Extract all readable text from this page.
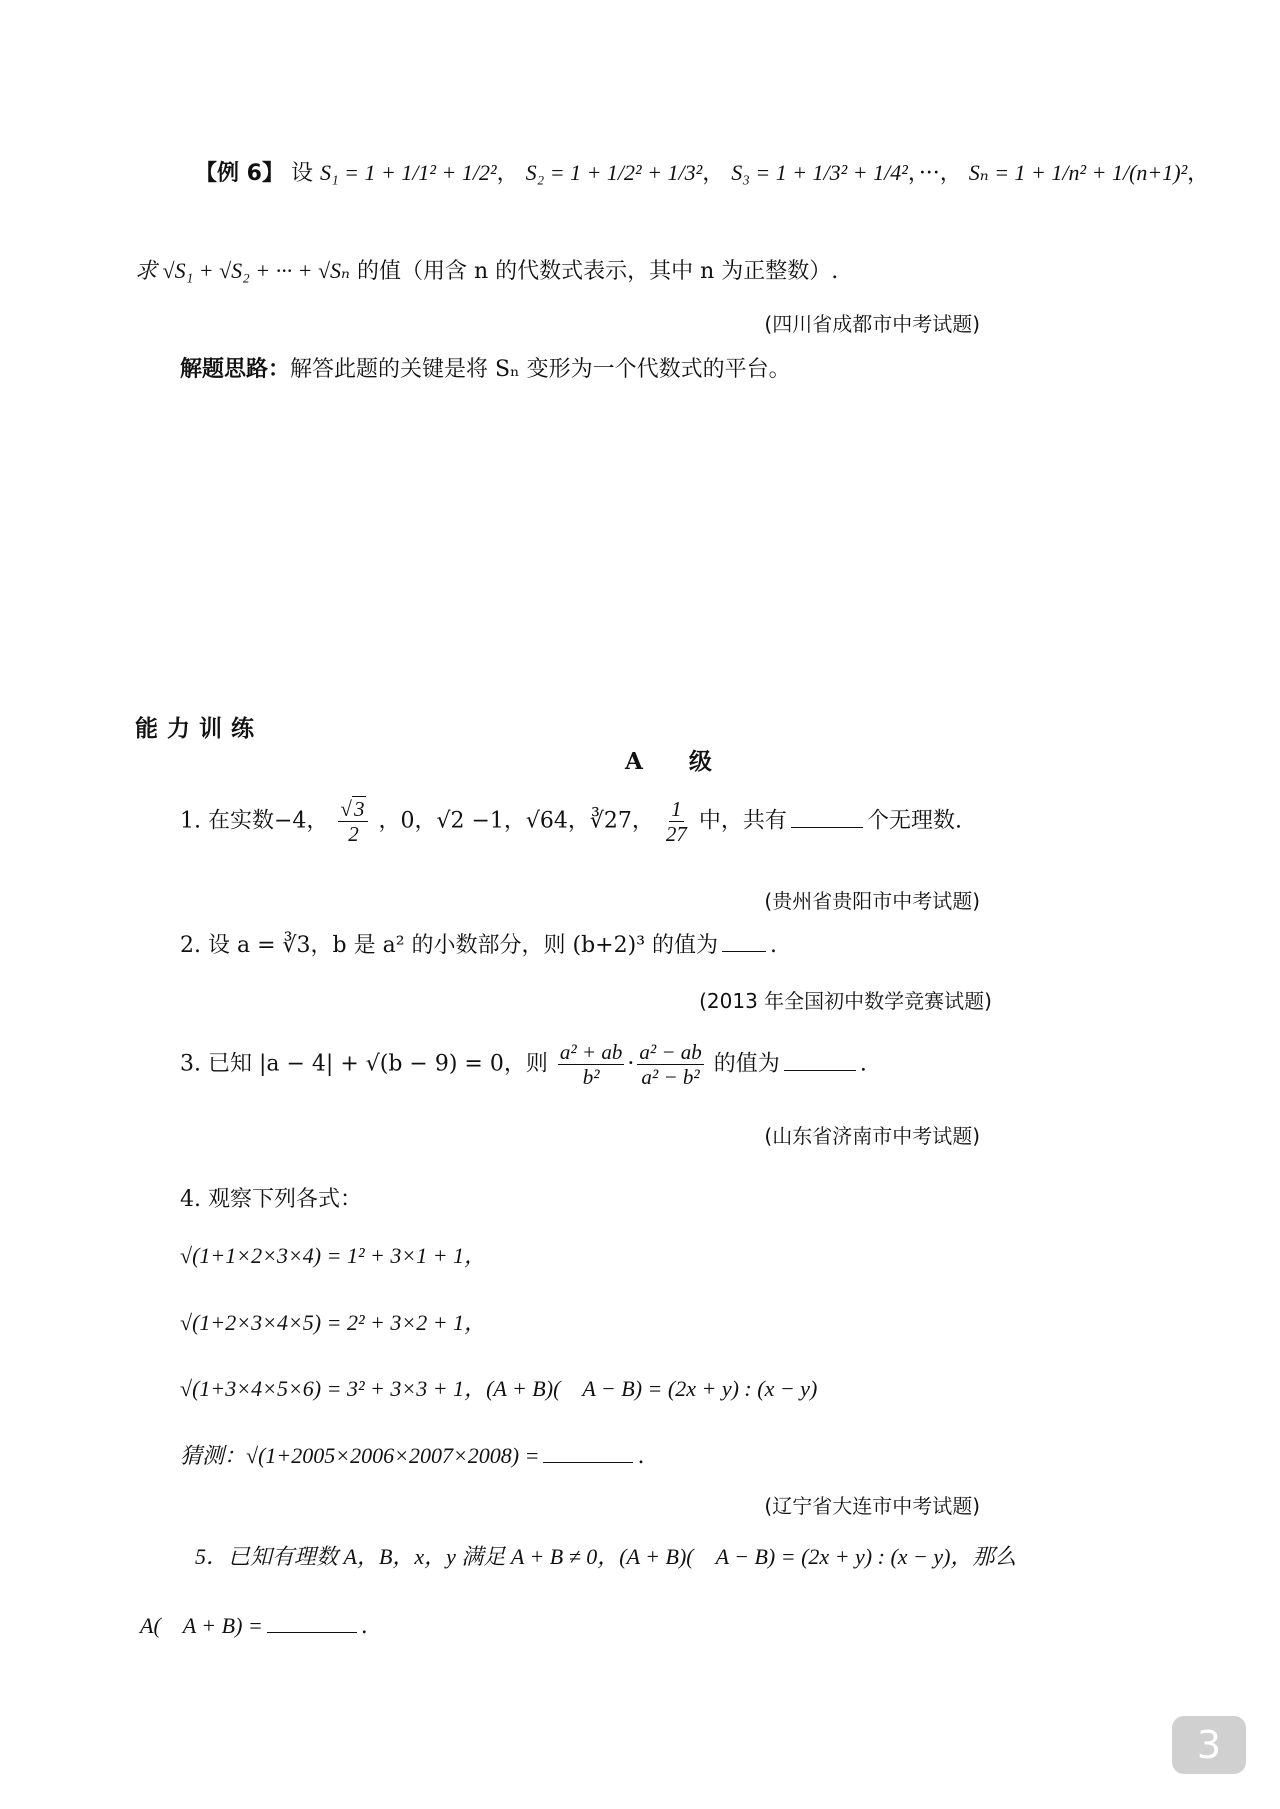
【例 6】 设 S₁ = 1 + 1/1² + 1/2²， S₂ = 1 + 1/2² + 1/3²， S₃ = 1 + 1/3² + 1/4²，···， Sₙ = 1 + 1/n² + 1/(n+1)²，
求 √S₁ + √S₂ + ··· + √Sₙ 的值（用含 n 的代数式表示，其中 n 为正整数）.
(四川省成都市中考试题)
解题思路：解答此题的关键是将 Sₙ 变形为一个代数式的平台。
能力训练
A　　级
1. 在实数−4， $\frac{√3}{2}$ ，0，√2 −1，√64，∛27， $\frac{1}{27}$ 中，共有	个无理数.
(贵州省贵阳市中考试题)
2. 设 a = ∛3，b 是 a² 的小数部分，则 (b+2)³ 的值为 .
(2013 年全国初中数学竞赛试题)
3. 已知 |a − 4| + √(b − 9) = 0，则 $\frac{\text{a² + ab}}{\text{b²}} \cdot \frac{\text{a² − ab}}{\text{a² − b²}}$ 的值为	.
(山东省济南市中考试题)
4. 观察下列各式：
√(1+1×2×3×4) = 1² + 3×1 + 1，
√(1+2×3×4×5) = 2² + 3×2 + 1，
√(1+3×4×5×6) = 3² + 3×3 + 1，(A + B)(　A − B) = (2x + y) : (x − y)
猜测：√(1+2005×2006×2007×2008) =	.
(辽宁省大连市中考试题)
5．已知有理数 A，B，x，y 满足 A + B ≠ 0，(A + B)(　A − B) = (2x + y) : (x − y)，那么
A(　A + B) =	.
3
